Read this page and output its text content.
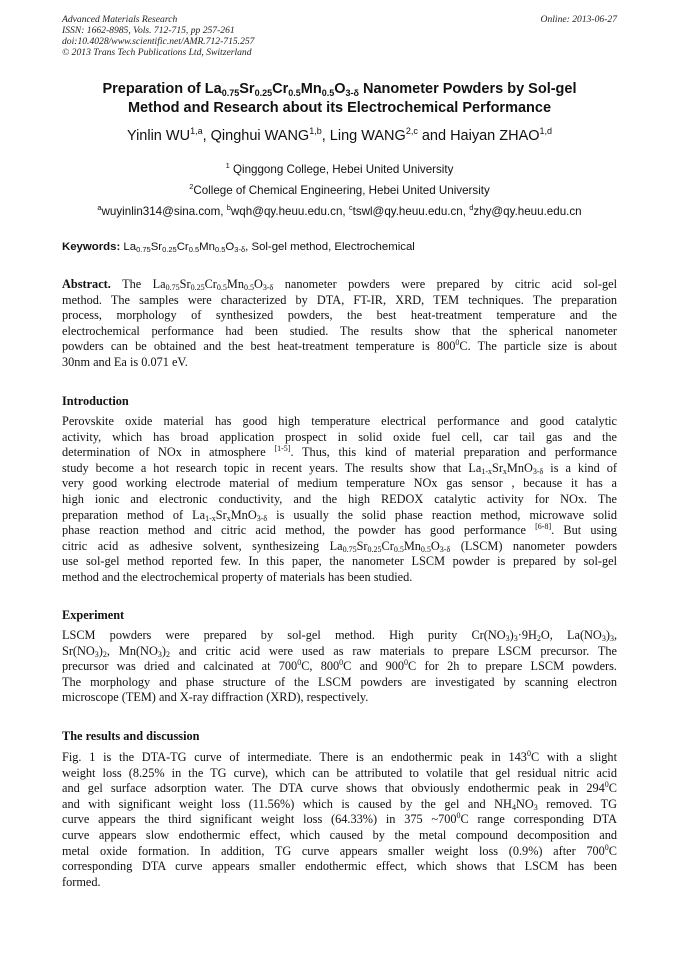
Advanced Materials Research
ISSN: 1662-8985, Vols. 712-715, pp 257-261
doi:10.4028/www.scientific.net/AMR.712-715.257
© 2013 Trans Tech Publications Ltd, Switzerland
Online: 2013-06-27
Preparation of $La_{0.75}Sr_{0.25}Cr_{0.5}Mn_{0.5}O_{3-\delta}$ Nanometer Powders by Sol-gel
Method and Research about its Electrochemical Performance
Yinlin WU$^{1,a}$, Qinghui WANG$^{1,b}$, Ling WANG$^{2,c}$ and Haiyan ZHAO$^{1,d}$
$^1$ Qinggong College, Hebei United University
$^2$College of Chemical Engineering, Hebei United University
$^a$wuyinlin314@sina.com, $^b$wqh@qy.heuu.edu.cn, $^c$tswl@qy.heuu.edu.cn, $^d$zhy@qy.heuu.edu.cn
Keywords: $La_{0.75}Sr_{0.25}Cr_{0.5}Mn_{0.5}O_{3-\delta}$, Sol-gel method, Electrochemical
Abstract. The $La_{0.75}Sr_{0.25}Cr_{0.5}Mn_{0.5}O_{3-\delta}$ nanometer powders were prepared by citric acid sol-gel
method. The samples were characterized by DTA, FT-IR, XRD, TEM techniques. The preparation
process, morphology of synthesized powders, the best heat-treatment temperature and the
electrochemical performance had been studied. The results show that the spherical nanometer
powders can be obtained and the best heat-treatment temperature is $800^0C$. The particle size is about
30nm and Ea is 0.071 eV.
Introduction
Perovskite oxide material has good high temperature electrical performance and good catalytic
activity, which has broad application prospect in solid oxide fuel cell, car tail gas and the
determination of NOx in atmosphere [1-5]. Thus, this kind of material preparation and performance
study become a hot research topic in recent years. The results show that $La_{1-x}Sr_xMnO_{3-\delta}$ is a kind of
very good working electrode material of medium temperature NOx gas sensor , because it has a
high ionic and electronic conductivity, and the high REDOX catalytic activity for NOx. The
preparation method of $La_{1-x}Sr_xMnO_{3-\delta}$ is usually the solid phase reaction method, microwave solid
phase reaction method and citric acid method, the powder has good performance [6-8]. But using
citric acid as adhesive solvent, synthesizeing $La_{0.75}Sr_{0.25}Cr_{0.5}Mn_{0.5}O_{3-\delta}$ (LSCM) nanometer powders
use sol-gel method reported few. In this paper, the nanometer LSCM powder is prepared by sol-gel
method and the electrochemical property of materials has been studied.
Experiment
LSCM powders were prepared by sol-gel method. High purity $Cr(NO_3)_3\cdot 9H_2O$, $La(NO_3)_3$,
$Sr(NO_3)_2$, $Mn(NO_3)_2$ and critic acid were used as raw materials to prepare LSCM precursor. The
precursor was dried and calcinated at $700^0C$, $800^0C$ and $900^0C$ for 2h to prepare LSCM powders.
The morphology and phase structure of the LSCM powders are investigated by scanning electron
microscope (TEM) and X-ray diffraction (XRD), respectively.
The results and discussion
Fig. 1 is the DTA-TG curve of intermediate. There is an endothermic peak in $143^0C$ with a slight
weight loss (8.25% in the TG curve), which can be attributed to volatile that gel residual nitric acid
and gel surface adsorption water. The DTA curve shows that obviously endothermic peak in $294^0C$
and with significant weight loss (11.56%) which is caused by the gel and $NH_4NO_3$ removed. TG
curve appears the third significant weight loss (64.33%) in 375 $\sim 700^0C$ range corresponding DTA
curve appears slow endothermic effect, which caused by the metal compound decomposition and
metal oxide formation. In addition, TG curve appears smaller weight loss (0.9%) after $700^0C$
corresponding DTA curve appears smaller endothermic effect, which shows that LSCM has been
formed.
